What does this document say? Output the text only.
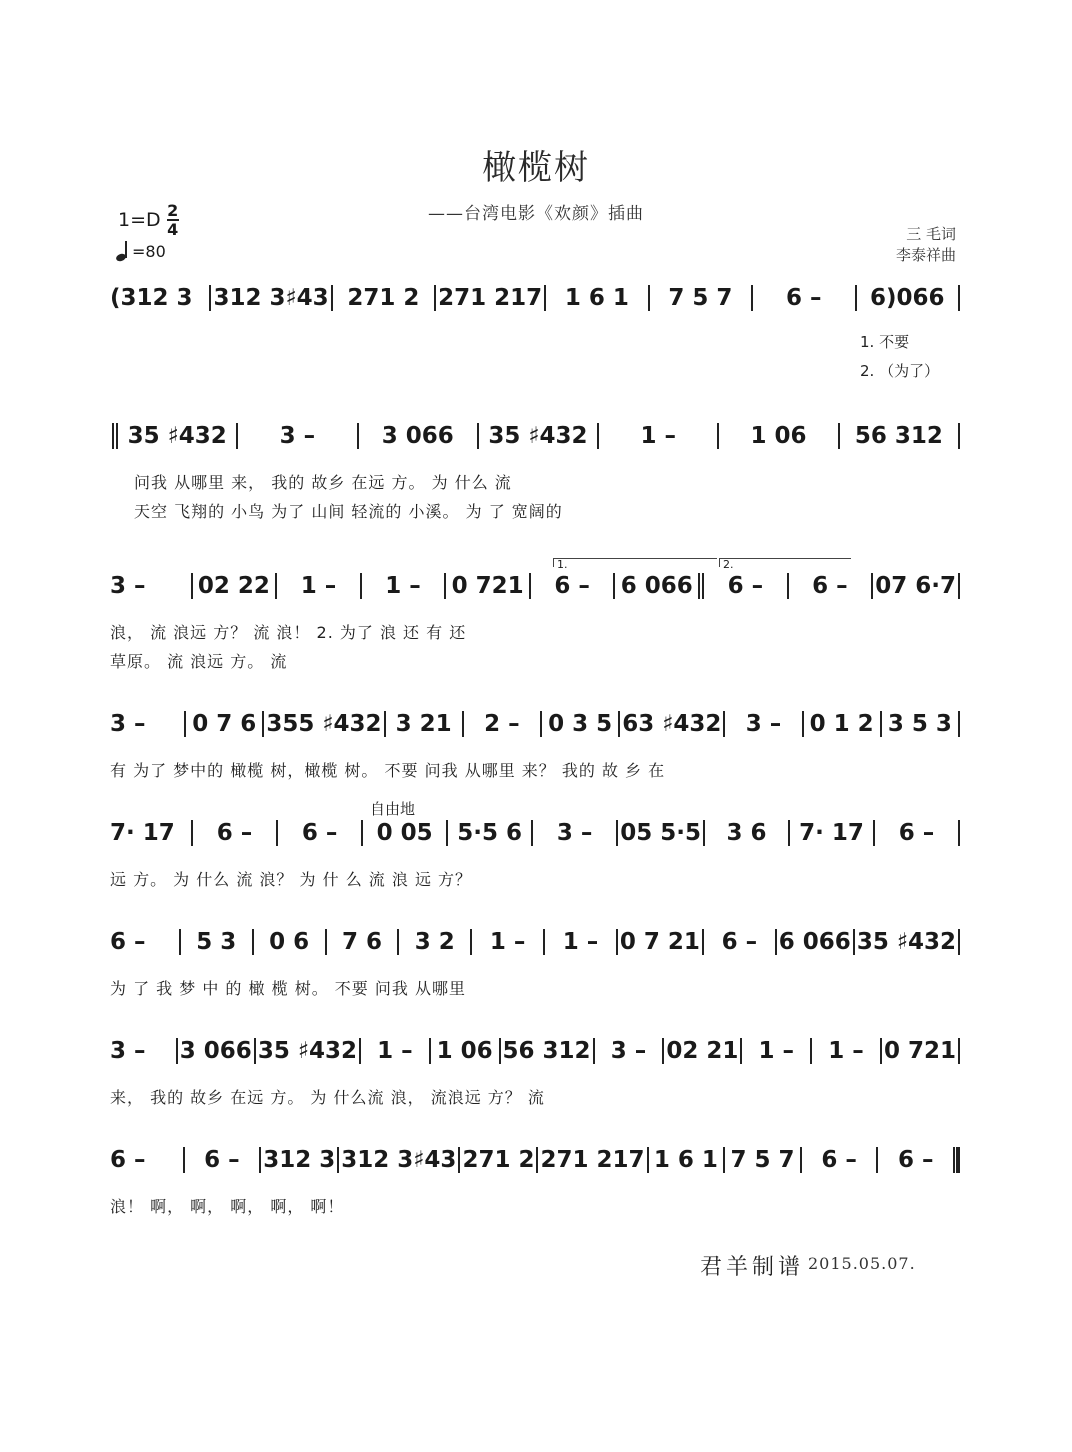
橄榄树
——台湾电影《欢颜》插曲
1=D 2
4
=80
三 毛词
李泰祥曲
(312 3 312 3♯43 271 2 271 217 1 6 1	7 5 7	6 –	6)066
1. 不要
2. （为了）
35 ♯432	3 –	3 066	35 ♯432	1 –	1 06	56 312
问我 从哪里 来， 我的 故乡 在远 方。 为 什么 流
天空 飞翔的 小鸟 为了 山间 轻流的 小溪。 为 了 宽阔的
1.	2.
3 –	02 22	1 –	1 –	0 721	6 –	6 066	6 –	6 –	07 6·7
浪， 流 浪远 方？ 流 浪！ 2. 为了 浪 还 有 还
草原。 流 浪远 方。 流
3 –	0 7 6 355 ♯432 3 21	2 –	0 3 5 63 ♯432	3 –	0 1 2 3 5 3
有 为了 梦中的 橄榄 树，橄榄 树。 不要 问我 从哪里 来？ 我的 故 乡 在
自由地
7· 17	6 –	6 –	0 05	5·5 6	3 –	05 5·5	3 6	7· 17	6 –
远 方。 为 什么 流 浪？ 为 什 么 流 浪 远 方？
6 –	5 3	0 6	7 6	3 2	1 –	1 – 0 7 21 6 – 6 066 35 ♯432
为 了 我 梦 中 的 橄 榄 树。 不要 问我 从哪里
3 –	3 066 35 ♯432 1 –	1 06 56 312 3 – 02 21 1 –	1 – 0 721
来， 我的 故乡 在远 方。 为 什么流 浪， 流浪远 方？ 流
6 –	6 –	312 3 312 3♯43 271 2 271 217 1 6 1 7 5 7	6 –	6 –
浪！ 啊， 啊， 啊， 啊， 啊！
君羊制谱 2015.05.07.
